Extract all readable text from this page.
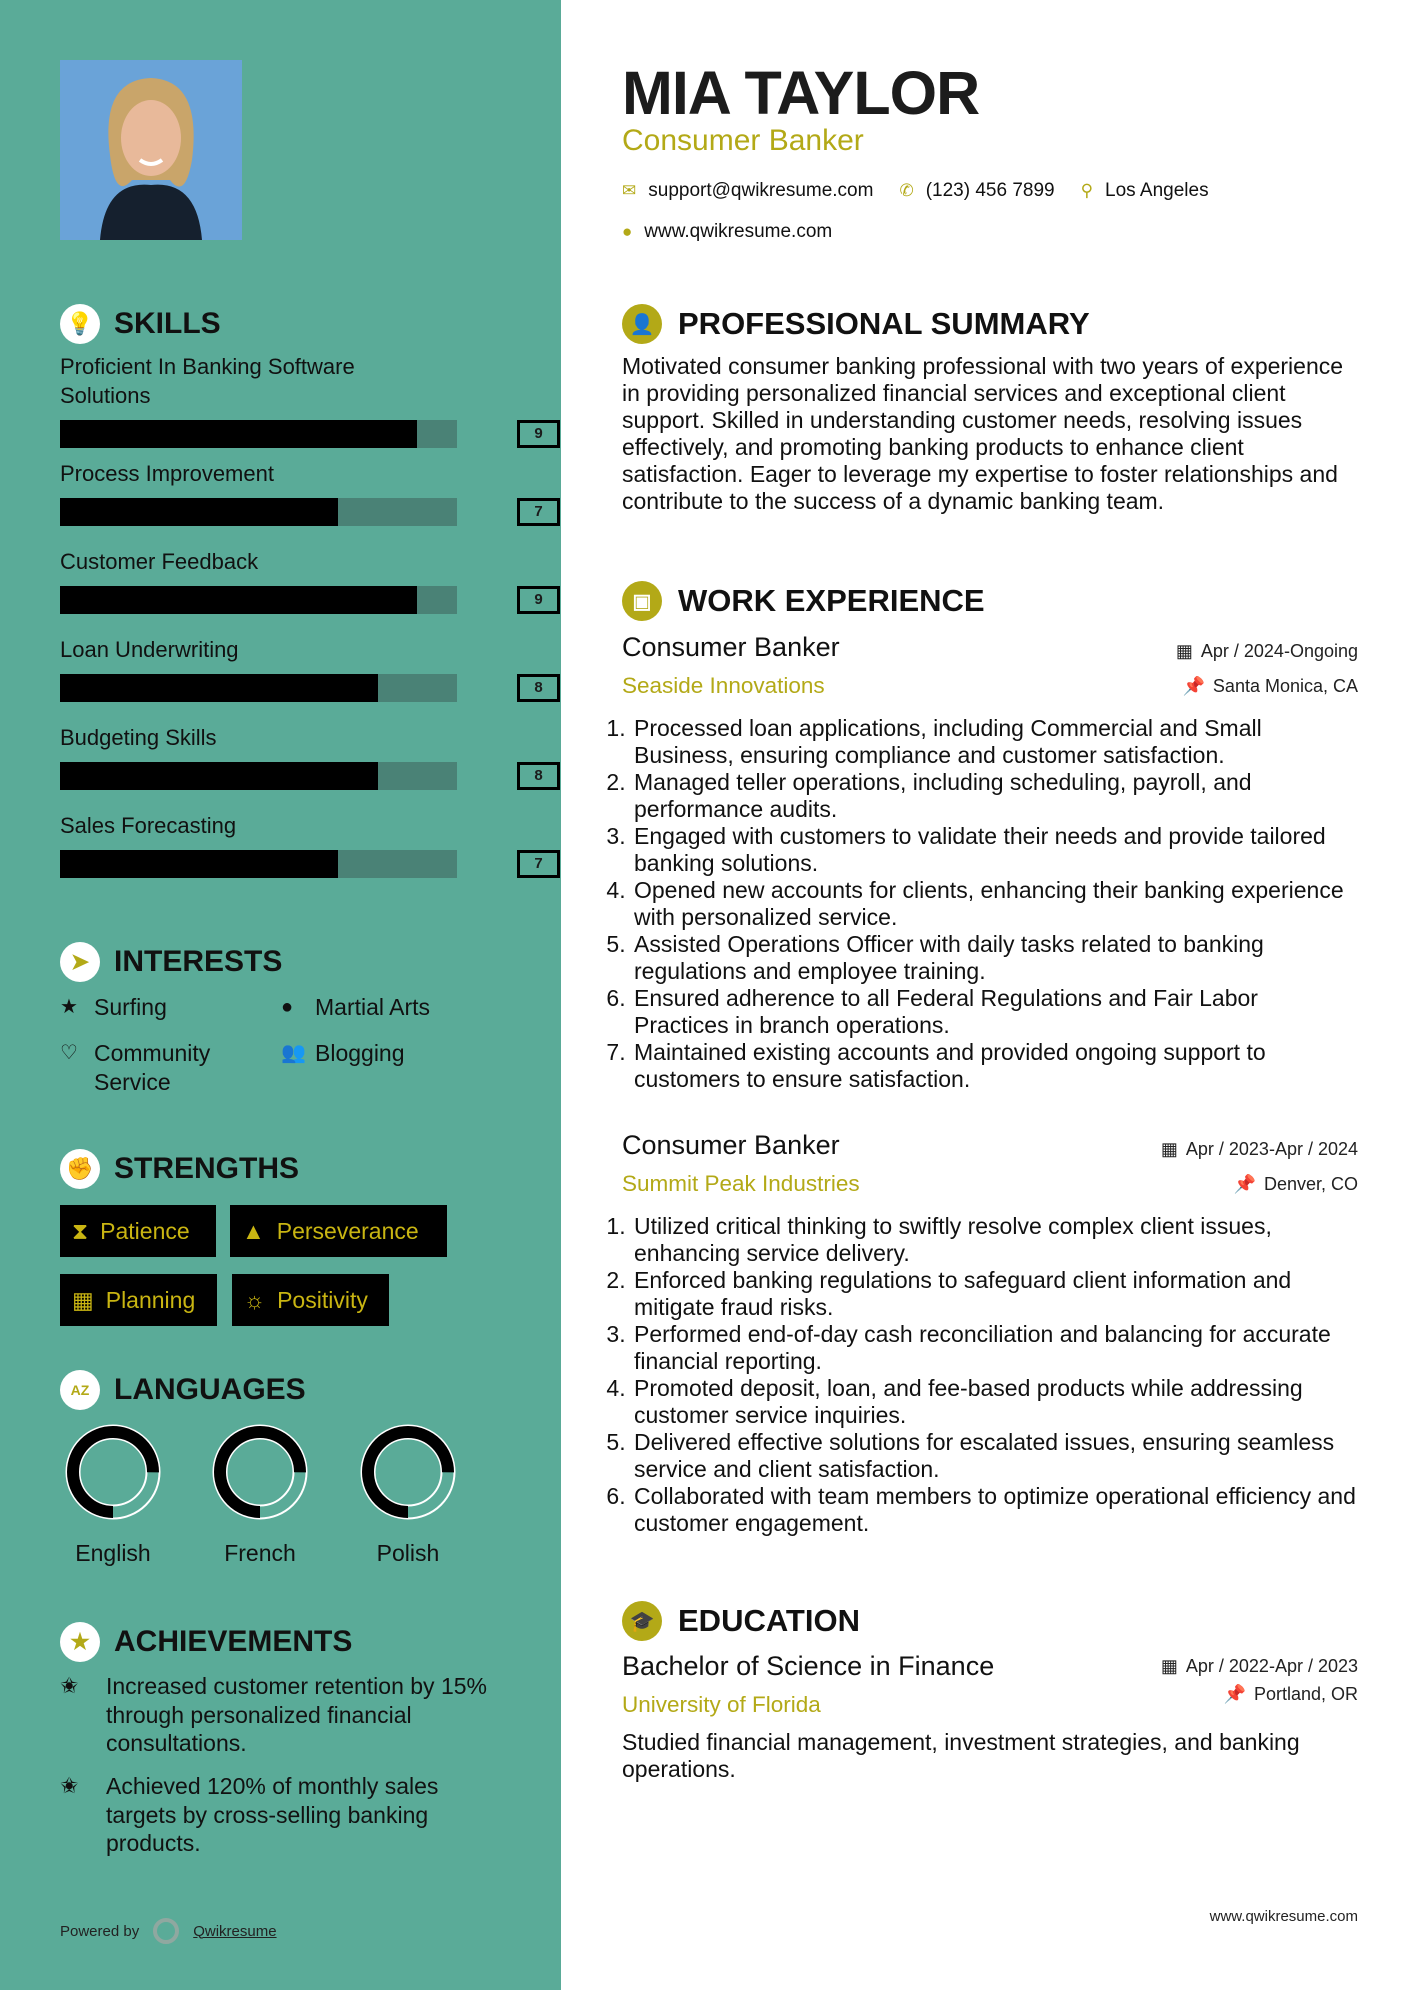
💡 SKILLS
Proficient In Banking Software Solutions
9
Process Improvement
7
Customer Feedback
9
Loan Underwriting
8
Budgeting Skills
8
Sales Forecasting
7
➤ INTERESTS
★ Surfing	● Martial Arts
♡ Community Service
👥 Blogging
✊ STRENGTHS
⧗ Patience ▲ Perseverance
▦ Planning ☼ Positivity
AZ LANGUAGES
English	French	Polish
★ ACHIEVEMENTS
✬	Increased customer retention by 15% through personalized financial consultations.
✬	Achieved 120% of monthly sales targets by cross-selling banking products.
Powered by	Qwikresume
MIA TAYLOR
Consumer Banker
✉ support@qwikresume.com ✆ (123) 456 7899 ⚲ Los Angeles
● www.qwikresume.com
👤 PROFESSIONAL SUMMARY
Motivated consumer banking professional with two years of experience in providing personalized financial services and exceptional client support. Skilled in understanding customer needs, resolving issues effectively, and promoting banking products to enhance client satisfaction. Eager to leverage my expertise to foster relationships and contribute to the success of a dynamic banking team.
▣ WORK EXPERIENCE
Consumer Banker	▦ Apr / 2024-Ongoing
Seaside Innovations	📌 Santa Monica, CA
1. Processed loan applications, including Commercial and Small Business, ensuring compliance and customer satisfaction.
2. Managed teller operations, including scheduling, payroll, and performance audits.
3. Engaged with customers to validate their needs and provide tailored banking solutions.
4. Opened new accounts for clients, enhancing their banking experience with personalized service.
5. Assisted Operations Officer with daily tasks related to banking regulations and employee training.
6. Ensured adherence to all Federal Regulations and Fair Labor Practices in branch operations.
7. Maintained existing accounts and provided ongoing support to customers to ensure satisfaction.
Consumer Banker	▦ Apr / 2023-Apr / 2024
Summit Peak Industries	📌 Denver, CO
1. Utilized critical thinking to swiftly resolve complex client issues, enhancing service delivery.
2. Enforced banking regulations to safeguard client information and mitigate fraud risks.
3. Performed end-of-day cash reconciliation and balancing for accurate financial reporting.
4. Promoted deposit, loan, and fee-based products while addressing customer service inquiries.
5. Delivered effective solutions for escalated issues, ensuring seamless service and client satisfaction.
6. Collaborated with team members to optimize operational efficiency and customer engagement.
🎓 EDUCATION
Bachelor of Science in Finance	▦ Apr / 2022-Apr / 2023
University of Florida	📌 Portland, OR
Studied financial management, investment strategies, and banking operations.
www.qwikresume.com
